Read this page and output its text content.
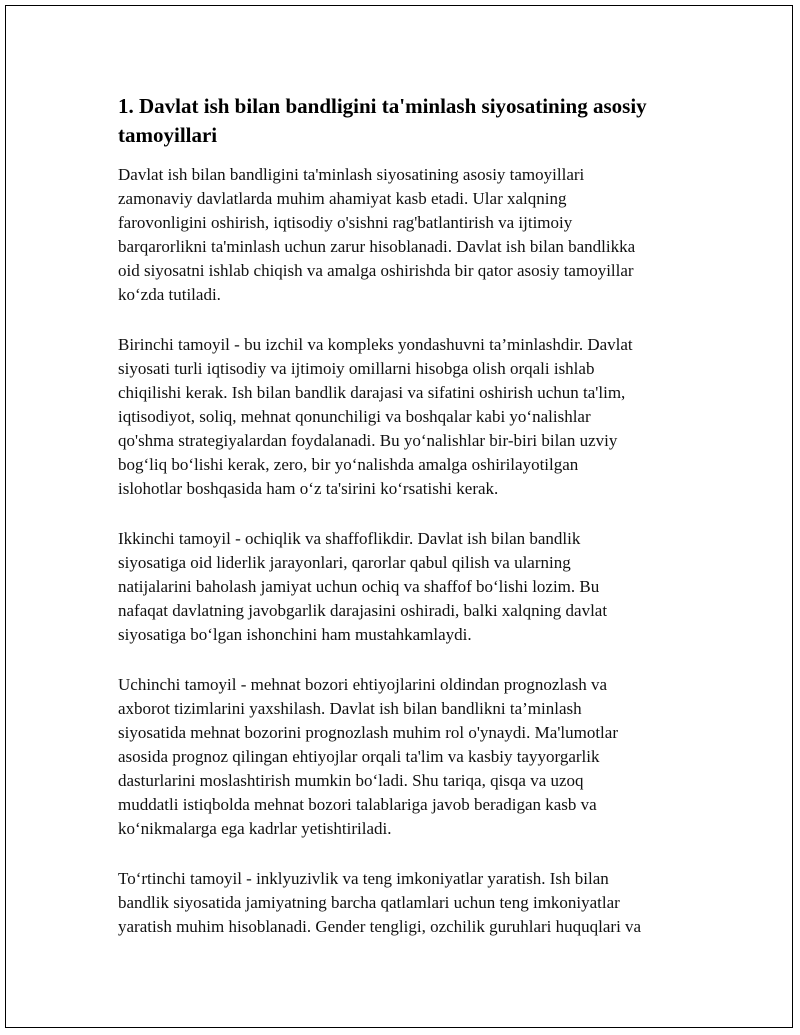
1. Davlat ish bilan bandligini ta'minlash siyosatining asosiy
tamoyillari

Davlat ish bilan bandligini ta'minlash siyosatining asosiy tamoyillari
zamonaviy davlatlarda muhim ahamiyat kasb etadi. Ular xalqning
farovonligini oshirish, iqtisodiy o'sishni rag'batlantirish va ijtimoiy
barqarorlikni ta'minlash uchun zarur hisoblanadi. Davlat ish bilan bandlikka
oid siyosatni ishlab chiqish va amalga oshirishda bir qator asosiy tamoyillar
ko‘zda tutiladi.

Birinchi tamoyil - bu izchil va kompleks yondashuvni ta’minlashdir. Davlat
siyosati turli iqtisodiy va ijtimoiy omillarni hisobga olish orqali ishlab
chiqilishi kerak. Ish bilan bandlik darajasi va sifatini oshirish uchun ta'lim,
iqtisodiyot, soliq, mehnat qonunchiligi va boshqalar kabi yo‘nalishlar
qo'shma strategiyalardan foydalanadi. Bu yo‘nalishlar bir-biri bilan uzviy
bog‘liq bo‘lishi kerak, zero, bir yo‘nalishda amalga oshirilayotilgan
islohotlar boshqasida ham o‘z ta'sirini ko‘rsatishi kerak.

Ikkinchi tamoyil - ochiqlik va shaffoflikdir. Davlat ish bilan bandlik
siyosatiga oid liderlik jarayonlari, qarorlar qabul qilish va ularning
natijalarini baholash jamiyat uchun ochiq va shaffof bo‘lishi lozim. Bu
nafaqat davlatning javobgarlik darajasini oshiradi, balki xalqning davlat
siyosatiga bo‘lgan ishonchini ham mustahkamlaydi.

Uchinchi tamoyil - mehnat bozori ehtiyojlarini oldindan prognozlash va
axborot tizimlarini yaxshilash. Davlat ish bilan bandlikni ta’minlash
siyosatida mehnat bozorini prognozlash muhim rol o'ynaydi. Ma'lumotlar
asosida prognoz qilingan ehtiyojlar orqali ta'lim va kasbiy tayyorgarlik
dasturlarini moslashtirish mumkin bo‘ladi. Shu tariqa, qisqa va uzoq
muddatli istiqbolda mehnat bozori talablariga javob beradigan kasb va
ko‘nikmalarga ega kadrlar yetishtiriladi.

To‘rtinchi tamoyil - inklyuzivlik va teng imkoniyatlar yaratish. Ish bilan
bandlik siyosatida jamiyatning barcha qatlamlari uchun teng imkoniyatlar
yaratish muhim hisoblanadi. Gender tengligi, ozchilik guruhlari huquqlari va
